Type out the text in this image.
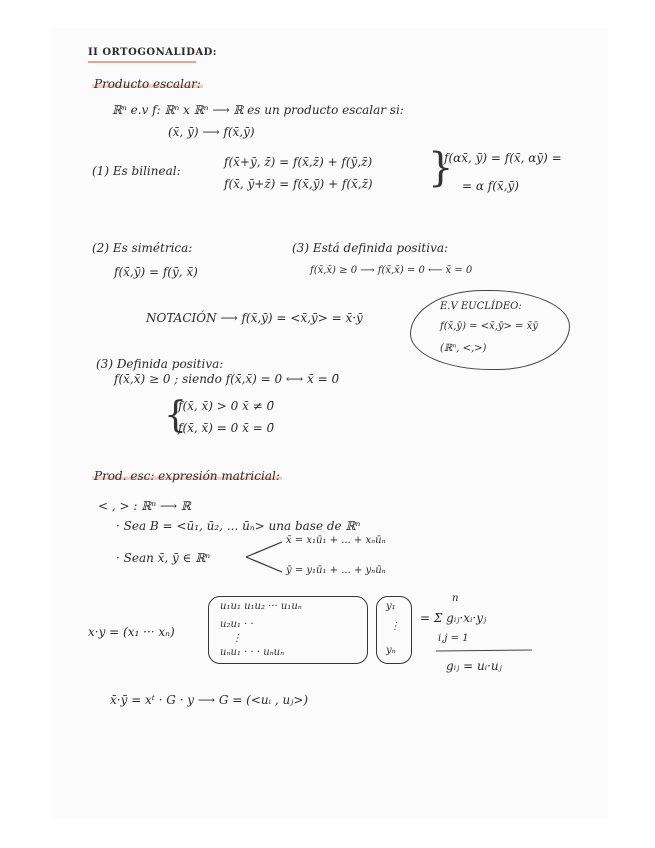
II ORTOGONALIDAD:
Producto escalar:
ℝⁿ e.v f: ℝⁿ x ℝⁿ ⟶ ℝ es un producto escalar si:
(x̄, ȳ) ⟶ f(x̄,ȳ)
(1) Es bilineal:
f(x̄+ȳ, z̄) = f(x̄,z̄) + f(ȳ,z̄)
f(x̄, ȳ+z̄) = f(x̄,ȳ) + f(x̄,z̄) }
f(αx̄, ȳ) = f(x̄, αȳ) =
= α f(x̄,ȳ)
(2) Es simétrica:
f(x̄,ȳ) = f(ȳ, x̄)
(3) Está definida positiva:
f(x̄,x̄) ≥ 0 ⟶ f(x̄,x̄) = 0 ⟵ x̄ = 0
NOTACIÓN ⟶ f(x̄,ȳ) = <x̄,ȳ> = x̄·ȳ
E.V EUCLÍDEO:
f(x̄,ȳ) = <x̄,ȳ> = x̄ȳ
(ℝⁿ, <,>)
(3) Definida positiva:
f(x̄,x̄) ≥ 0 ; siendo f(x̄,x̄) = 0 ⟷ x̄ = 0̄
{
f(x̄, x̄) > 0 x̄ ≠ 0̄
f(x̄, x̄) = 0 x̄ = 0̄
Prod. esc: expresión matricial:
< , > : ℝⁿ ⟶ ℝ
· Sea B = <ū₁, ū₂, ... ūₙ> una base de ℝⁿ
· Sean x̄, ȳ ∈ ℝⁿ
x̄ = x₁ū₁ + ... + xₙūₙ
ȳ = y₁ū₁ + ... + yₙūₙ
x·y = (x₁ ··· xₙ)
u₁u₁ u₁u₂ ··· u₁uₙ
u₂u₁ · ·
⋮
uₙu₁ · · · uₙuₙ
y₁
⋮
yₙ
n
= Σ gᵢⱼ·xᵢ·yⱼ
i,j = 1
gᵢⱼ = uᵢ·uⱼ
x̄·ȳ = xᵗ · G · y ⟶ G = (<uᵢ , uⱼ>)
